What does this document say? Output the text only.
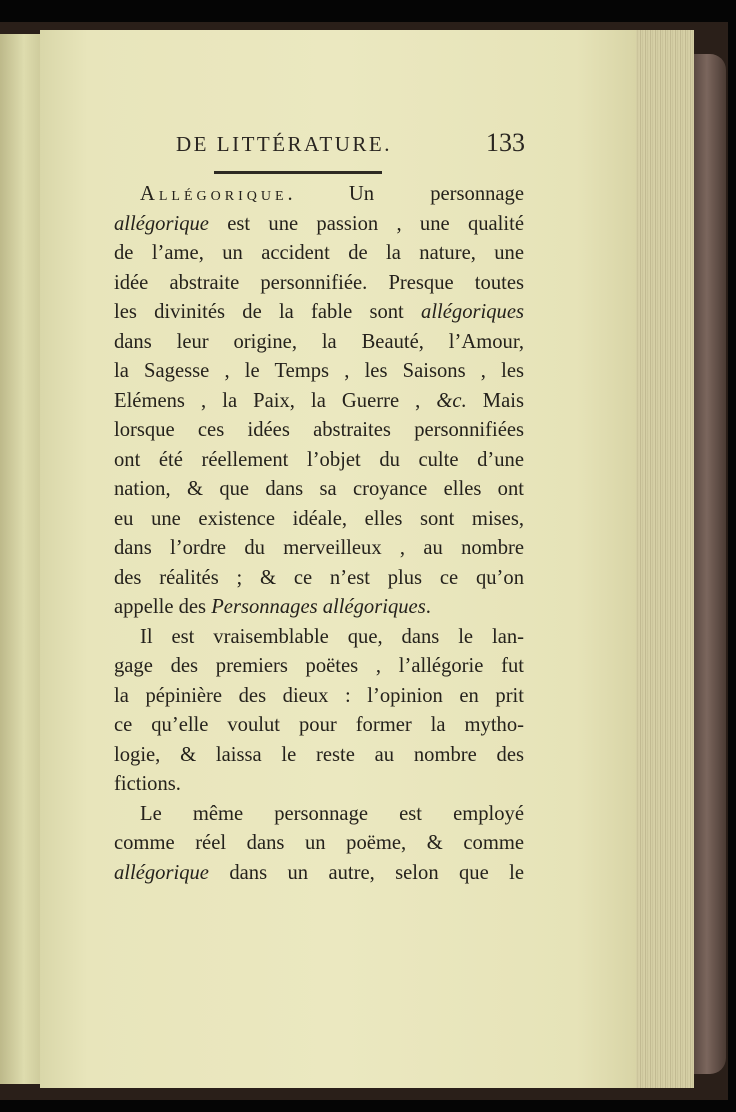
DE LITTÉRATURE.	133
Allégorique. Un personnage
allégorique est une passion , une qualité
de l’ame, un accident de la nature, une
idée abstraite personnifiée. Presque toutes
les divinités de la fable sont allégoriques
dans leur origine, la Beauté, l’Amour,
la Sagesse , le Temps , les Saisons , les
Elémens , la Paix, la Guerre , &c. Mais
lorsque ces idées abstraites personnifiées
ont été réellement l’objet du culte d’une
nation, & que dans sa croyance elles ont
eu une existence idéale, elles sont mises,
dans l’ordre du merveilleux , au nombre
des réalités ; & ce n’est plus ce qu’on
appelle des Personnages allégoriques.
Il est vraisemblable que, dans le lan-
gage des premiers poëtes , l’allégorie fut
la pépinière des dieux : l’opinion en prit
ce qu’elle voulut pour former la mytho-
logie, & laissa le reste au nombre des
fictions.
Le même personnage est employé
comme réel dans un poëme, & comme
allégorique dans un autre, selon que le
